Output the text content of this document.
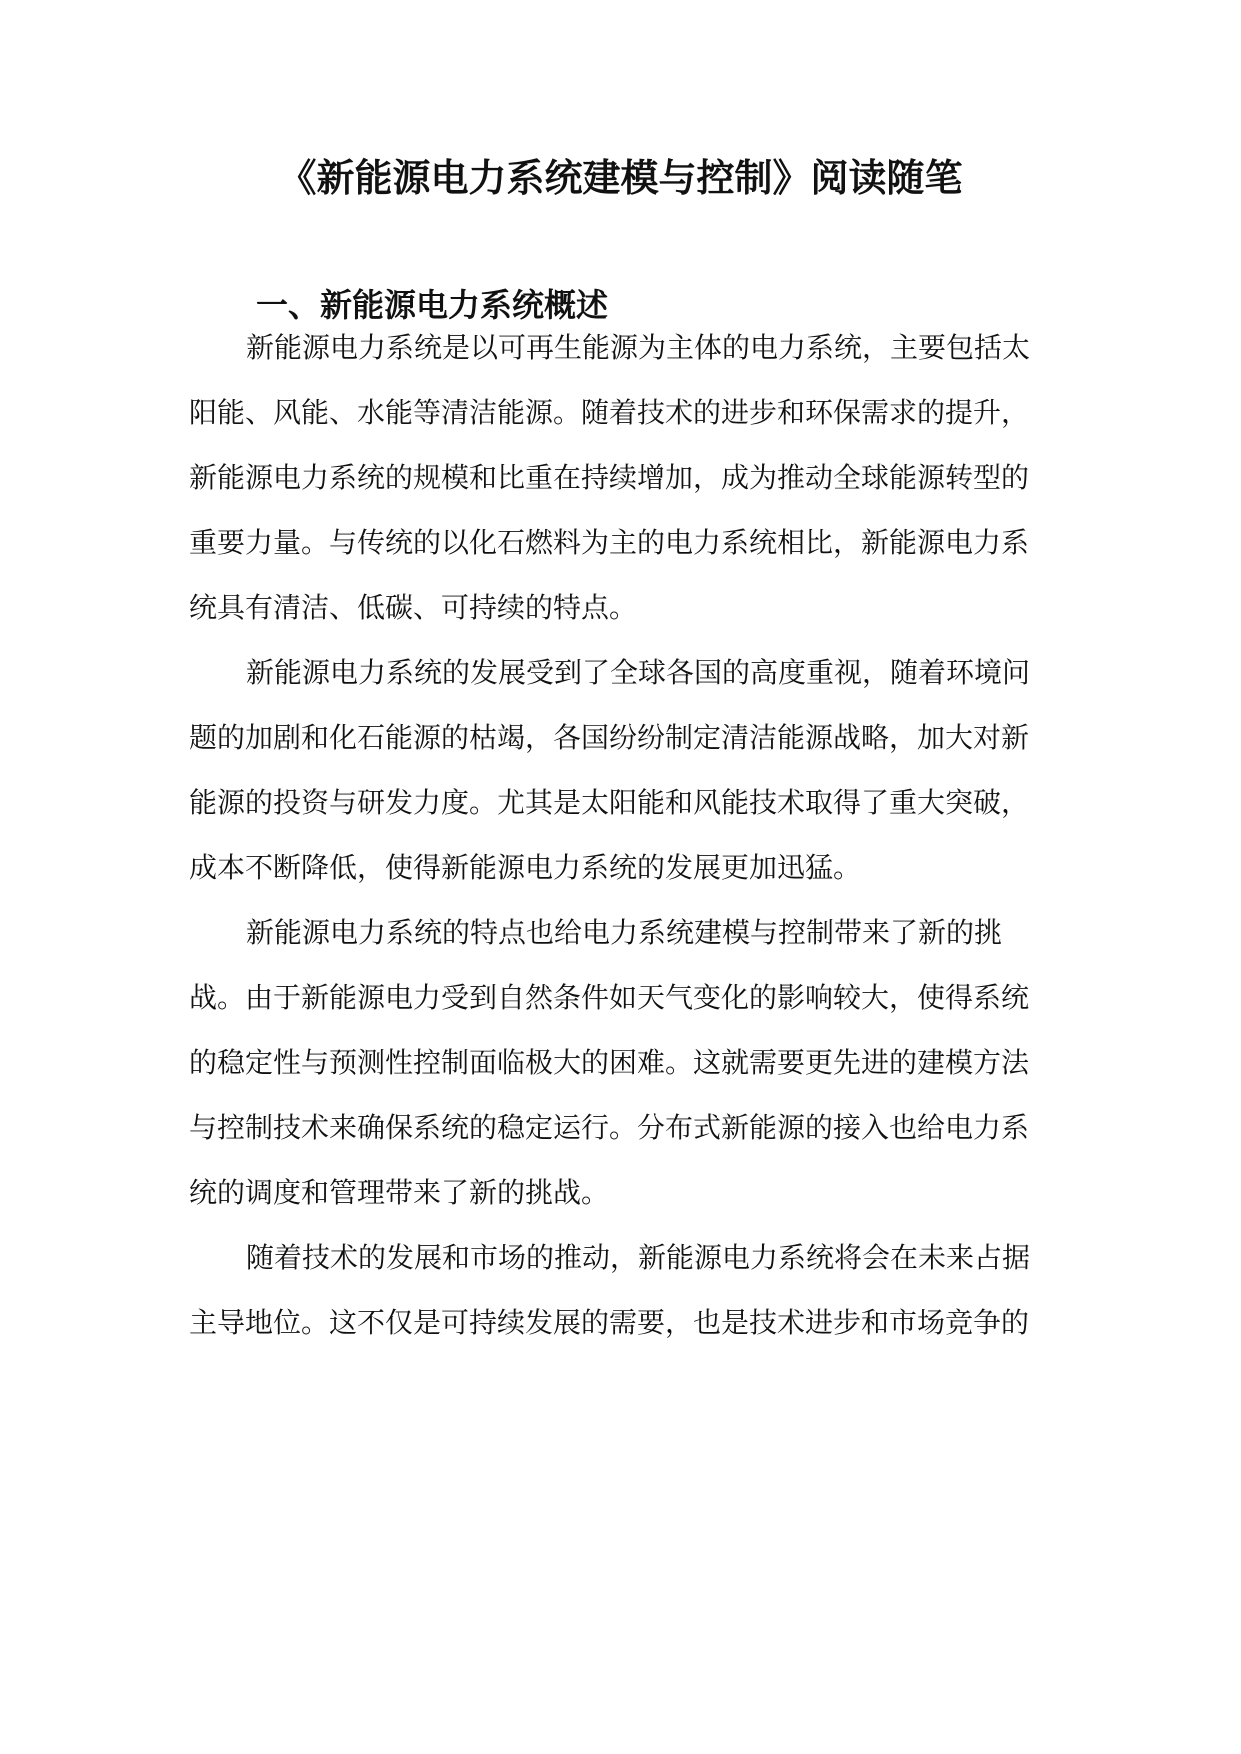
《新能源电力系统建模与控制》阅读随笔
一、新能源电力系统概述
新能源电力系统是以可再生能源为主体的电力系统，主要包括太
阳能、风能、水能等清洁能源。随着技术的进步和环保需求的提升，
新能源电力系统的规模和比重在持续增加，成为推动全球能源转型的
重要力量。与传统的以化石燃料为主的电力系统相比，新能源电力系
统具有清洁、低碳、可持续的特点。
新能源电力系统的发展受到了全球各国的高度重视，随着环境问
题的加剧和化石能源的枯竭，各国纷纷制定清洁能源战略，加大对新
能源的投资与研发力度。尤其是太阳能和风能技术取得了重大突破，
成本不断降低，使得新能源电力系统的发展更加迅猛。
新能源电力系统的特点也给电力系统建模与控制带来了新的挑
战。由于新能源电力受到自然条件如天气变化的影响较大，使得系统
的稳定性与预测性控制面临极大的困难。这就需要更先进的建模方法
与控制技术来确保系统的稳定运行。分布式新能源的接入也给电力系
统的调度和管理带来了新的挑战。
随着技术的发展和市场的推动，新能源电力系统将会在未来占据
主导地位。这不仅是可持续发展的需要，也是技术进步和市场竞争的
